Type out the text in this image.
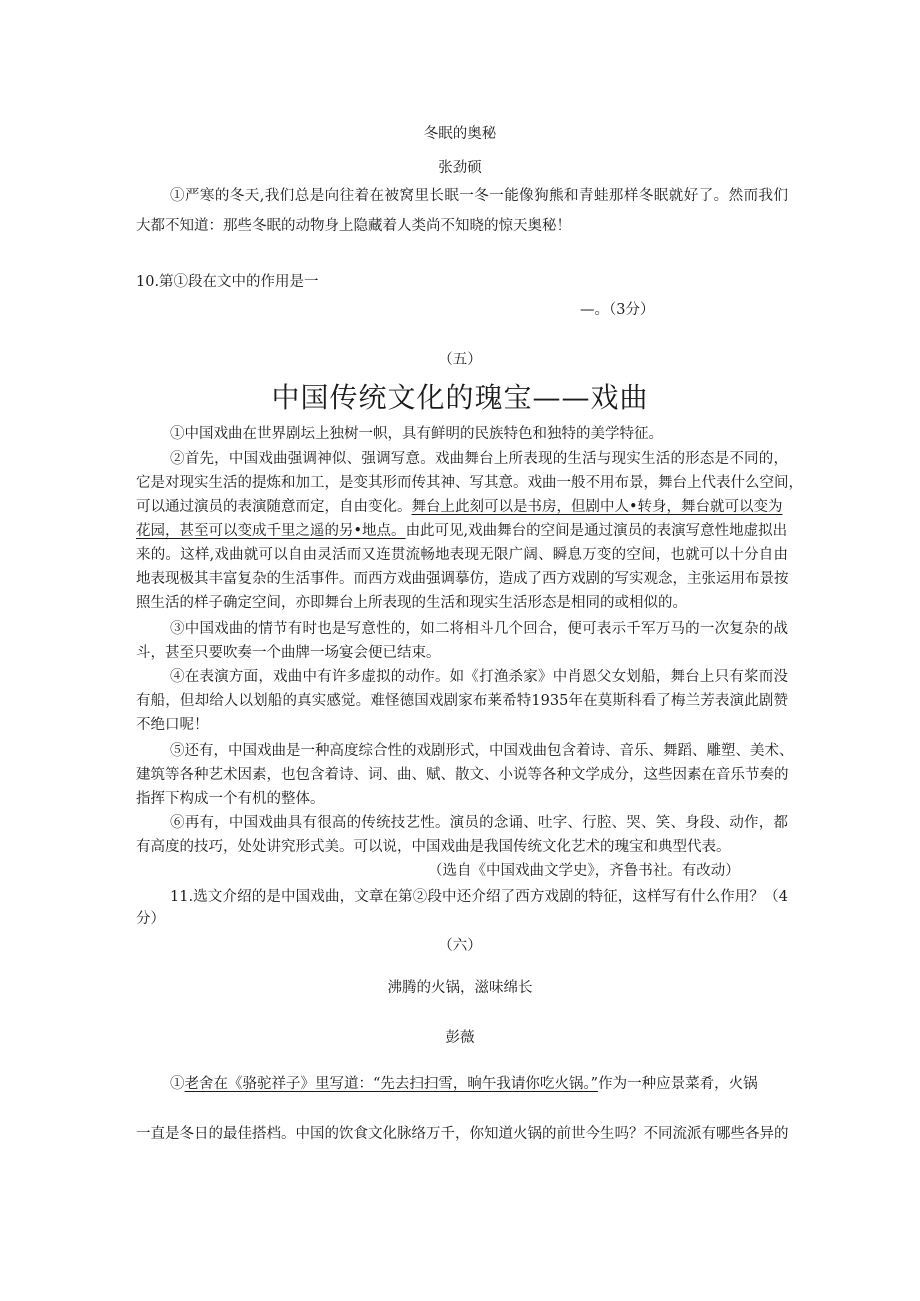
冬眠的奥秘
张劲硕
①严寒的冬天,我们总是向往着在被窝里长眠一冬一能像狗熊和青蛙那样冬眠就好了。然而我们
大都不知道：那些冬眠的动物身上隐藏着人类尚不知晓的惊天奥秘！
10.第①段在文中的作用是一
—。（3分）
（五）
中国传统文化的瑰宝——戏曲
①中国戏曲在世界剧坛上独树一帜，具有鲜明的民族特色和独特的美学特征。
②首先，中国戏曲强调神似、强调写意。戏曲舞台上所表现的生活与现实生活的形态是不同的，
它是对现实生活的提炼和加工，是变其形而传其神、写其意。戏曲一般不用布景，舞台上代表什么空间，
可以通过演员的表演随意而定，自由变化。舞台上此刻可以是书房，但剧中人•转身，舞台就可以变为
花园，甚至可以变成千里之遥的另•地点。由此可见,戏曲舞台的空间是通过演员的表演写意性地虚拟出
来的。这样,戏曲就可以自由灵活而又连贯流畅地表现无限广阔、瞬息万变的空间，也就可以十分自由
地表现极其丰富复杂的生活事件。而西方戏曲强调摹仿，造成了西方戏剧的写实观念，主张运用布景按
照生活的样子确定空间，亦即舞台上所表现的生活和现实生活形态是相同的或相似的。
③中国戏曲的情节有时也是写意性的，如二将相斗几个回合，便可表示千军万马的一次复杂的战
斗，甚至只要吹奏一个曲牌一场宴会便已结束。
④在表演方面，戏曲中有许多虚拟的动作。如《打渔杀家》中肖恩父女划船，舞台上只有桨而没
有船，但却给人以划船的真实感觉。难怪德国戏剧家布莱希特1935年在莫斯科看了梅兰芳表演此剧赞
不绝口呢！
⑤还有，中国戏曲是一种高度综合性的戏剧形式，中国戏曲包含着诗、音乐、舞蹈、雕塑、美术、
建筑等各种艺术因素，也包含着诗、词、曲、赋、散文、小说等各种文学成分，这些因素在音乐节奏的
指挥下构成一个有机的整体。
⑥再有，中国戏曲具有很高的传统技艺性。演员的念诵、吐字、行腔、哭、笑、身段、动作，都
有高度的技巧，处处讲究形式美。可以说，中国戏曲是我国传统文化艺术的瑰宝和典型代表。
（选自《中国戏曲文学史》，齐鲁书社。有改动）
11.选文介绍的是中国戏曲，文章在第②段中还介绍了西方戏剧的特征，这样写有什么作用？（4
分）
（六）
沸腾的火锅，滋味绵长
彭薇
①老舍在《骆驼祥子》里写道：“先去扫扫雪，晌午我请你吃火锅。”作为一种应景菜肴，火锅
一直是冬日的最佳搭档。中国的饮食文化脉络万千，你知道火锅的前世今生吗？不同流派有哪些各异的
